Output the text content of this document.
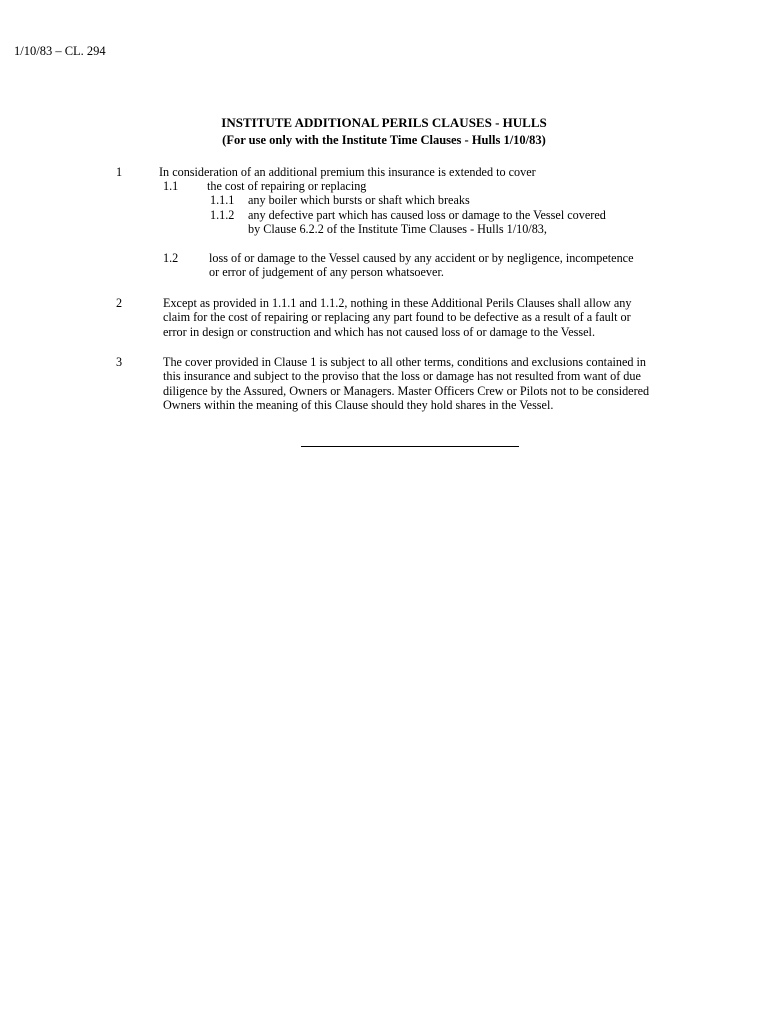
1/10/83 – CL. 294
INSTITUTE ADDITIONAL PERILS CLAUSES - HULLS
(For use only with the Institute Time Clauses - Hulls 1/10/83)
1	In consideration of an additional premium this insurance is extended to cover
1.1 the cost of repairing or replacing
1.1.1 any boiler which bursts or shaft which breaks
1.1.2 any defective part which has caused loss or damage to the Vessel covered
by Clause 6.2.2 of the Institute Time Clauses - Hulls 1/10/83,
1.2	loss of or damage to the Vessel caused by any accident or by negligence, incompetence
or error of judgement of any person whatsoever.
2	Except as provided in 1.1.1 and 1.1.2, nothing in these Additional Perils Clauses shall allow any
claim for the cost of repairing or replacing any part found to be defective as a result of a fault or
error in design or construction and which has not caused loss of or damage to the Vessel.
3	The cover provided in Clause 1 is subject to all other terms, conditions and exclusions contained in
this insurance and subject to the proviso that the loss or damage has not resulted from want of due
diligence by the Assured, Owners or Managers. Master Officers Crew or Pilots not to be considered
Owners within the meaning of this Clause should they hold shares in the Vessel.
